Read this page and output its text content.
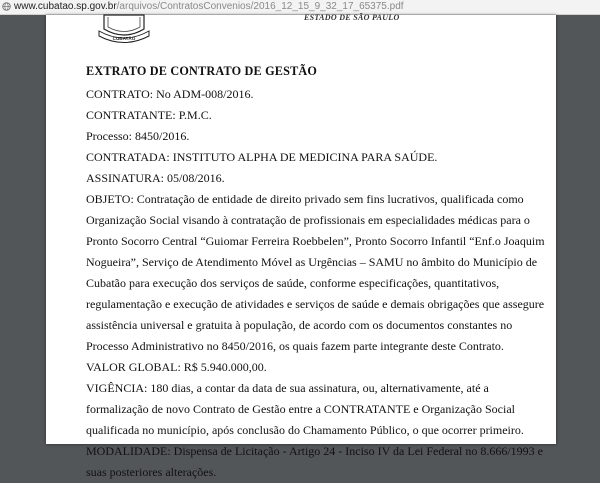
www.cubatao.sp.gov.br/arquivos/ContratosConvenios/2016_12_15_9_32_17_65375.pdf
CUBATÃO
ESTADO DE SÃO PAULO
EXTRATO DE CONTRATO DE GESTÃO
CONTRATO: No ADM-008/2016.
CONTRATANTE: P.M.C.
Processo: 8450/2016.
CONTRATADA: INSTITUTO ALPHA DE MEDICINA PARA SAÚDE.
ASSINATURA: 05/08/2016.
OBJETO: Contratação de entidade de direito privado sem fins lucrativos, qualificada como
Organização Social visando à contratação de profissionais em especialidades médicas para o
Pronto Socorro Central “Guiomar Ferreira Roebbelen”, Pronto Socorro Infantil “Enf.o Joaquim
Nogueira”, Serviço de Atendimento Móvel as Urgências – SAMU no âmbito do Município de
Cubatão para execução dos serviços de saúde, conforme especificações, quantitativos,
regulamentação e execução de atividades e serviços de saúde e demais obrigações que assegure
assistência universal e gratuita à população, de acordo com os documentos constantes no
Processo Administrativo no 8450/2016, os quais fazem parte integrante deste Contrato.
VALOR GLOBAL: R$ 5.940.000,00.
VIGÊNCIA: 180 dias, a contar da data de sua assinatura, ou, alternativamente, até a
formalização de novo Contrato de Gestão entre a CONTRATANTE e Organização Social
qualificada no município, após conclusão do Chamamento Público, o que ocorrer primeiro.
MODALIDADE: Dispensa de Licitação - Artigo 24 - Inciso IV da Lei Federal no 8.666/1993 e
suas posteriores alterações.
